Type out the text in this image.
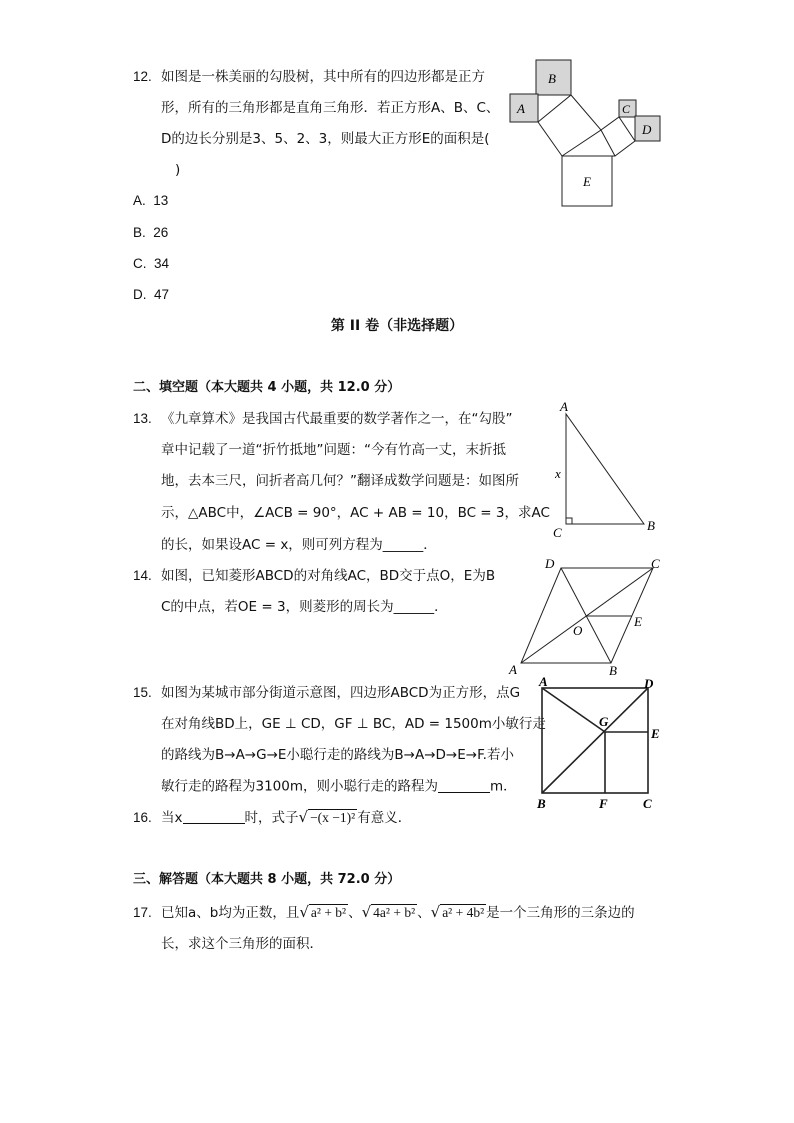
12. 如图是一株美丽的勾股树，其中所有的四边形都是正方
形，所有的三角形都是直角三角形．若正方形A、B、C、
D的边长分别是3、5、2、3，则最大正方形E的面积是(
)
A. 13
B. 26
C. 34
D. 47
B
A	C
D
E
第 II 卷（非选择题）
二、填空题（本大题共 4 小题，共 12.0 分）
13. 《九章算术》是我国古代最重要的数学著作之一，在“勾股”
章中记载了一道“折竹抵地”问题：“今有竹高一丈，末折抵
地，去本三尺，问折者高几何？”翻译成数学问题是：如图所
示，△ABC中，∠ACB = 90°，AC + AB = 10，BC = 3，求AC
的长，如果设AC = x，则可列方程为______．
A
x
C	B
14. 如图，已知菱形ABCD的对角线AC，BD交于点O，E为B
C的中点，若OE = 3，则菱形的周长为______．
D	C
O
E
A	B
15. 如图为某城市部分街道示意图，四边形ABCD为正方形，点G
在对角线BD上，GE ⊥ CD，GF ⊥ BC，AD = 1500m小敏行走
的路线为B→A→G→E小聪行走的路线为B→A→D→E→F.若小
敏行走的路程为3100m，则小聪行走的路程为	m．
A	D
G
E
B	F	C
16. 当x	时，式子√ −(x −1)² 有意义．
三、解答题（本大题共 8 小题，共 72.0 分）
17. 已知a、b均为正数，且√ a² + b² 、√ 4a² + b² 、√ a² + 4b² 是一个三角形的三条边的
长，求这个三角形的面积．
